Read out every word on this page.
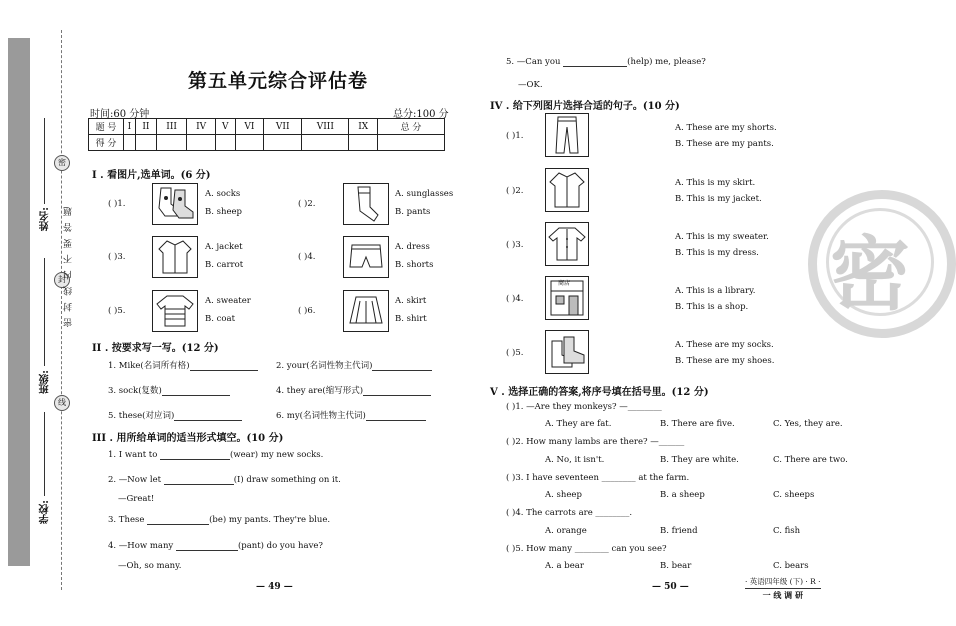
姓名:
班级:
学校:
密
封
线
密 封 线 内 不 要 答 题
第五单元综合评估卷
时间:60 分钟	总分:100 分
题 号	I	II	III	IV	V	VI	VII	VIII	IX	总 分
得 分										
I . 看图片,选单词。(6 分)
( )1.
A. socks
B. sheep
( )2.
A. sunglasses
B. pants
( )3.
A. jacket
B. carrot
( )4.
A. dress
B. shorts
( )5.
A. sweater
B. coat
( )6.
A. skirt
B. shirt
II . 按要求写一写。(12 分)
1. Mike(名词所有格)	2. your(名词性物主代词)
3. sock(复数)	4. they are(缩写形式)
5. these(对应词)	6. my(名词性物主代词)
III . 用所给单词的适当形式填空。(10 分)
1. I want to	(wear) my new socks.
2. —Now let	(I) draw something on it.
—Great!
3. These	(be) my pants. They're blue.
4. —How many	(pant) do you have?
—Oh, so many.
— 49 —
5. —Can you	(help) me, please?
—OK.
IV . 给下列图片选择合适的句子。(10 分)
( )1.
A. These are my shorts.
B. These are my pants.
( )2.
A. This is my skirt.
B. This is my jacket.
( )3.
A. This is my sweater.
B. This is my dress.
( )4.
商店
A. This is a library.
B. This is a shop.
( )5.
A. These are my socks.
B. These are my shoes.
V . 选择正确的答案,将序号填在括号里。(12 分)
( )1. —Are they monkeys? —________
A. They are fat.	B. There are five.	C. Yes, they are.
( )2. How many lambs are there? —______
A. No, it isn't.	B. They are white.	C. There are two.
( )3. I have seventeen ________ at the farm.
A. sheep	B. a sheep	C. sheeps
( )4. The carrots are ________.
A. orange	B. friend	C. fish
( )5. How many ________ can you see?
A. a bear	B. bear	C. bears
— 50 —
· 英语四年级 (下) · R ·
一 线 调 研
密
